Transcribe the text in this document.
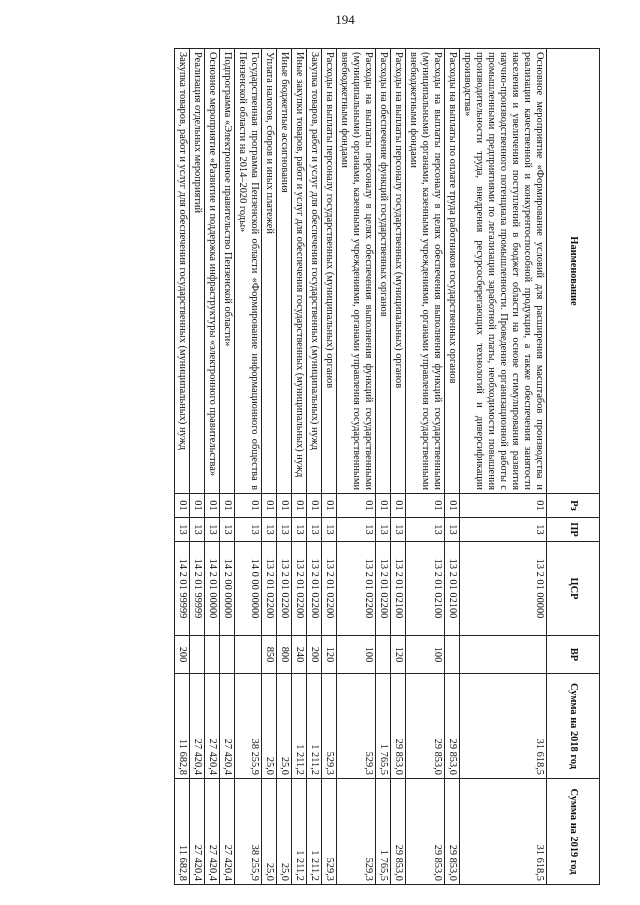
194
Наименование	Рз	ПР	ЦСР	ВР	Сумма на 2018 год	Сумма на 2019 год
Основное мероприятие «Формирование условий для расширения масштабов производства и реализации качественной и конкурентоспособной продукции, а также обеспечения занятости населения и увеличения поступлений в бюджет области на основе стимулирования развития научно-производственного потенциала промышленности. Проведение организационной работы с промышленными предприятиями по легализации заработной платы, необходимости повышения производительности труда, внедрения ресурсосберегающих технологий и диверсификации производства»	01	13	13 2 01 00000		31 618,5	31 618,5
Расходы на выплаты по оплате труда работников государственных органов	01	13	13 2 01 02100		29 853,0	29 853,0
Расходы на выплаты персоналу в целях обеспечения выполнения функций государственными (муниципальными) органами, казенными учреждениями, органами управления государственными внебюджетными фондами	01	13	13 2 01 02100	100	29 853,0	29 853,0
Расходы на выплаты персоналу государственных (муниципальных) органов	01	13	13 2 01 02100	120	29 853,0	29 853,0
Расходы на обеспечение функций государственных органов	01	13	13 2 01 02200		1 765,5	1 765,5
Расходы на выплаты персоналу в целях обеспечения выполнения функций государственными (муниципальными) органами, казенными учреждениями, органами управления государственными внебюджетными фондами	01	13	13 2 01 02200	100	529,3	529,3
Расходы на выплаты персоналу государственных (муниципальных) органов	01	13	13 2 01 02200	120	529,3	529,3
Закупка товаров, работ и услуг для обеспечения государственных (муниципальных) нужд	01	13	13 2 01 02200	200	1 211,2	1 211,2
Иные закупки товаров, работ и услуг для обеспечения государственных (муниципальных) нужд	01	13	13 2 01 02200	240	1 211,2	1 211,2
Иные бюджетные ассигнования	01	13	13 2 01 02200	800	25,0	25,0
Уплата налогов, сборов и иных платежей	01	13	13 2 01 02200	850	25,0	25,0
Государственная программа Пензенской области «Формирование информационного общества в Пензенской области на 2014–2020 годы»	01	13	14 0 00 00000		38 255,9	38 255,9
Подпрограмма «Электронное правительство Пензенской области»	01	13	14 2 00 00000		27 420,4	27 420,4
Основное мероприятие «Развитие и поддержка инфраструктуры «электронного правительства»	01	13	14 2 01 00000		27 420,4	27 420,4
Реализация отдельных мероприятий	01	13	14 2 01 99999		27 420,4	27 420,4
Закупка товаров, работ и услуг для обеспечения государственных (муниципальных) нужд	01	13	14 2 01 99999	200	11 682,8	11 682,8
